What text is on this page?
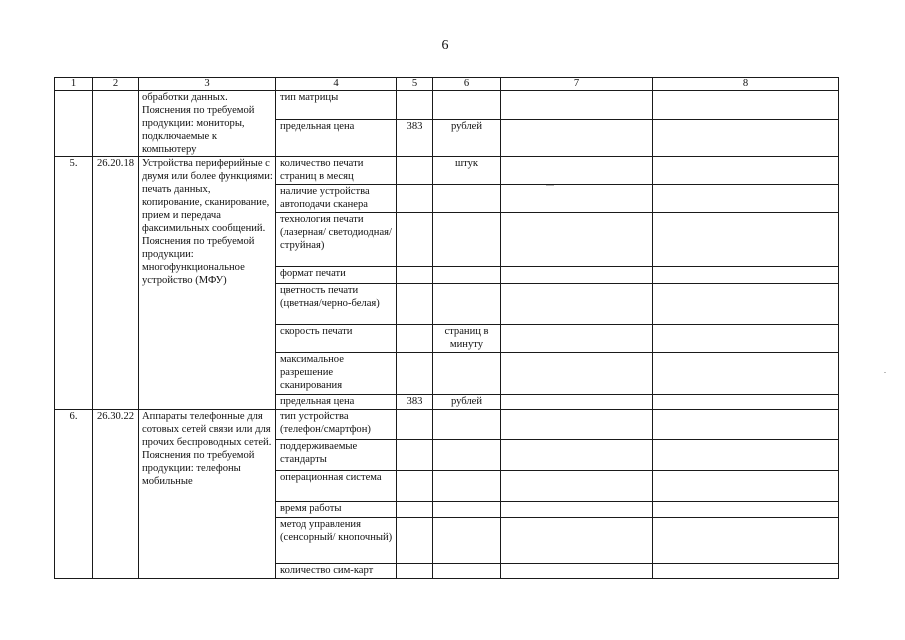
6
1	2	3	4	5	6	7	8
		обработки данных. Пояснения по требуемой продукции: мониторы, подключаемые к компьютеру	тип матрицы				
			предельная цена	383	рублей		
5.	26.20.18	Устройства периферийные с двумя или более функциями: печать данных, копирование, сканирование, прием и передача факсимильных сообщений. Пояснения по требуемой продукции: многофункциональное устройство (МФУ)	количество печати страниц в месяц		штук		
			наличие устройства автоподачи сканера				
			технология печати (лазерная/ светодиодная/ струйная)				
			формат печати				
			цветность печати (цветная/черно-белая)				
			скорость печати		страниц в минуту		
			максимальное разрешение сканирования				
			предельная цена	383	рублей		
6.	26.30.22	Аппараты телефонные для сотовых сетей связи или для прочих беспроводных сетей. Пояснения по требуемой продукции: телефоны мобильные	тип устройства (телефон/смартфон)				
			поддерживаемые стандарты				
			операционная система				
			время работы				
			метод управления (сенсорный/ кнопочный)				
			количество сим-карт				
